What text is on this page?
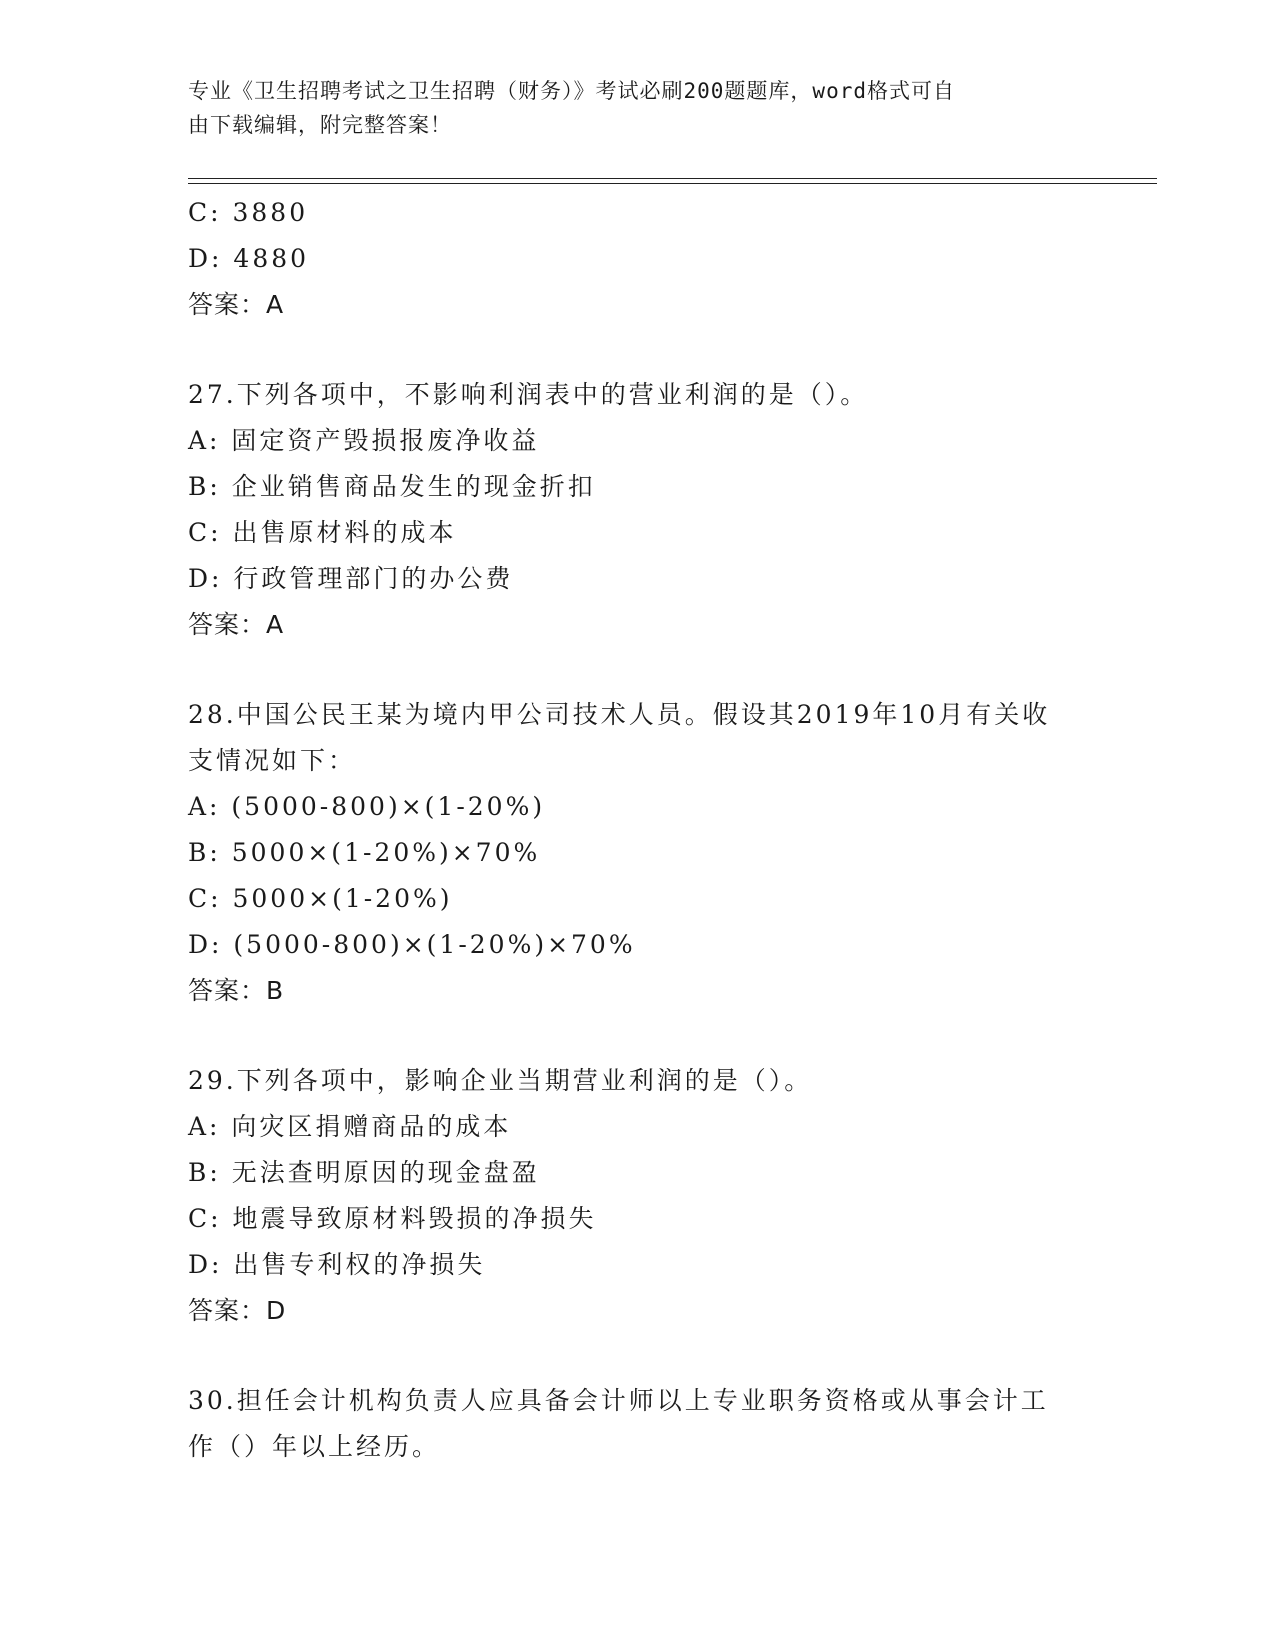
专业《卫生招聘考试之卫生招聘（财务）》考试必刷200题题库，word格式可自
由下载编辑，附完整答案！
C: 3880
D: 4880
答案：A
27.下列各项中，不影响利润表中的营业利润的是（）。
A: 固定资产毁损报废净收益
B: 企业销售商品发生的现金折扣
C: 出售原材料的成本
D: 行政管理部门的办公费
答案：A
28.中国公民王某为境内甲公司技术人员。假设其2019年10月有关收
支情况如下：
A: (5000-800)×(1-20%)
B: 5000×(1-20%)×70%
C: 5000×(1-20%)
D: (5000-800)×(1-20%)×70%
答案：B
29.下列各项中，影响企业当期营业利润的是（）。
A: 向灾区捐赠商品的成本
B: 无法查明原因的现金盘盈
C: 地震导致原材料毁损的净损失
D: 出售专利权的净损失
答案：D
30.担任会计机构负责人应具备会计师以上专业职务资格或从事会计工
作（）年以上经历。
